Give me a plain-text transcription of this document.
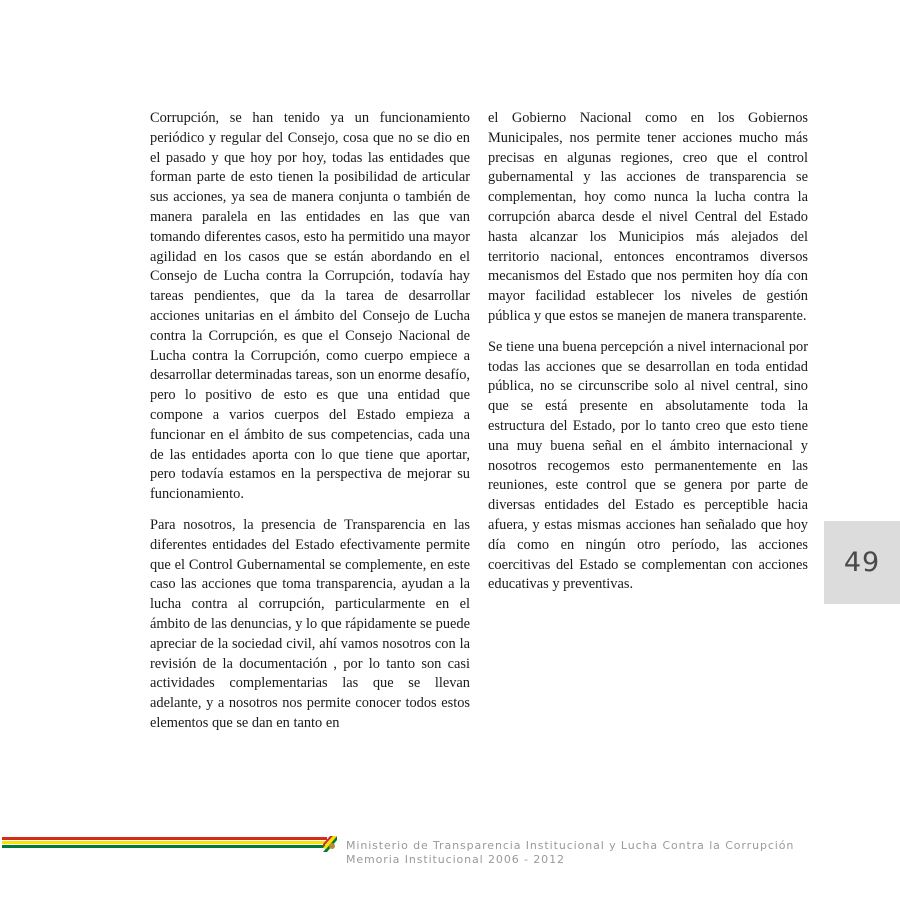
Corrupción, se han tenido ya un funcionamiento periódico y regular del Consejo, cosa que no se dio en el pasado y que hoy por hoy, todas las entidades que forman parte de esto tienen la posibilidad de articular sus acciones, ya sea de manera conjunta o también de manera paralela en las entidades en las que van tomando diferentes casos, esto ha permitido una mayor agilidad en los casos que se están abordando en el Consejo de Lucha contra la Corrupción, todavía hay tareas pendientes, que da la tarea de desarrollar acciones unitarias en el ámbito del Consejo de Lucha contra la Corrupción, es que el Consejo Nacional de Lucha contra la Corrupción, como cuerpo empiece a desarrollar determinadas tareas, son un enorme desafío, pero lo positivo de esto es que una entidad que compone a varios cuerpos del Estado empieza a funcionar en el ámbito de sus competencias, cada una de las entidades aporta con lo que tiene que aportar, pero todavía estamos en la perspectiva de mejorar su funcionamiento.

Para nosotros, la presencia de Transparencia en las diferentes entidades del Estado efectivamente permite que el Control Gubernamental se complemente, en este caso las acciones que toma transparencia, ayudan a la lucha contra al corrupción, particularmente en el ámbito de las denuncias, y lo que rápidamente se puede apreciar de la sociedad civil, ahí vamos nosotros con la revisión de la documentación , por lo tanto son casi actividades complementarias las que se llevan adelante, y a nosotros nos permite conocer todos estos elementos que se dan en tanto en

el Gobierno Nacional como en los Gobiernos Municipales, nos permite tener acciones mucho más precisas en algunas regiones, creo que el control gubernamental y las acciones de transparencia se complementan, hoy como nunca la lucha contra la corrupción abarca desde el nivel Central del Estado hasta alcanzar los Municipios más alejados del territorio nacional, entonces encontramos diversos mecanismos del Estado que nos permiten hoy día con mayor facilidad establecer los niveles de gestión pública y que estos se manejen de manera transparente.

Se tiene una buena percepción a nivel internacional por todas las acciones que se desarrollan en toda entidad pública, no se circunscribe solo al nivel central, sino que se está presente en absolutamente toda la estructura del Estado, por lo tanto creo que esto tiene una muy buena señal en el ámbito internacional y nosotros recogemos esto permanentemente en las reuniones, este control que se genera por parte de diversas entidades del Estado es perceptible hacia afuera, y estas mismas acciones han señalado que hoy día como en ningún otro período, las acciones coercitivas del Estado se complementan con acciones educativas y preventivas.

49
Ministerio de Transparencia Institucional y Lucha Contra la Corrupción
Memoria Institucional 2006 - 2012
